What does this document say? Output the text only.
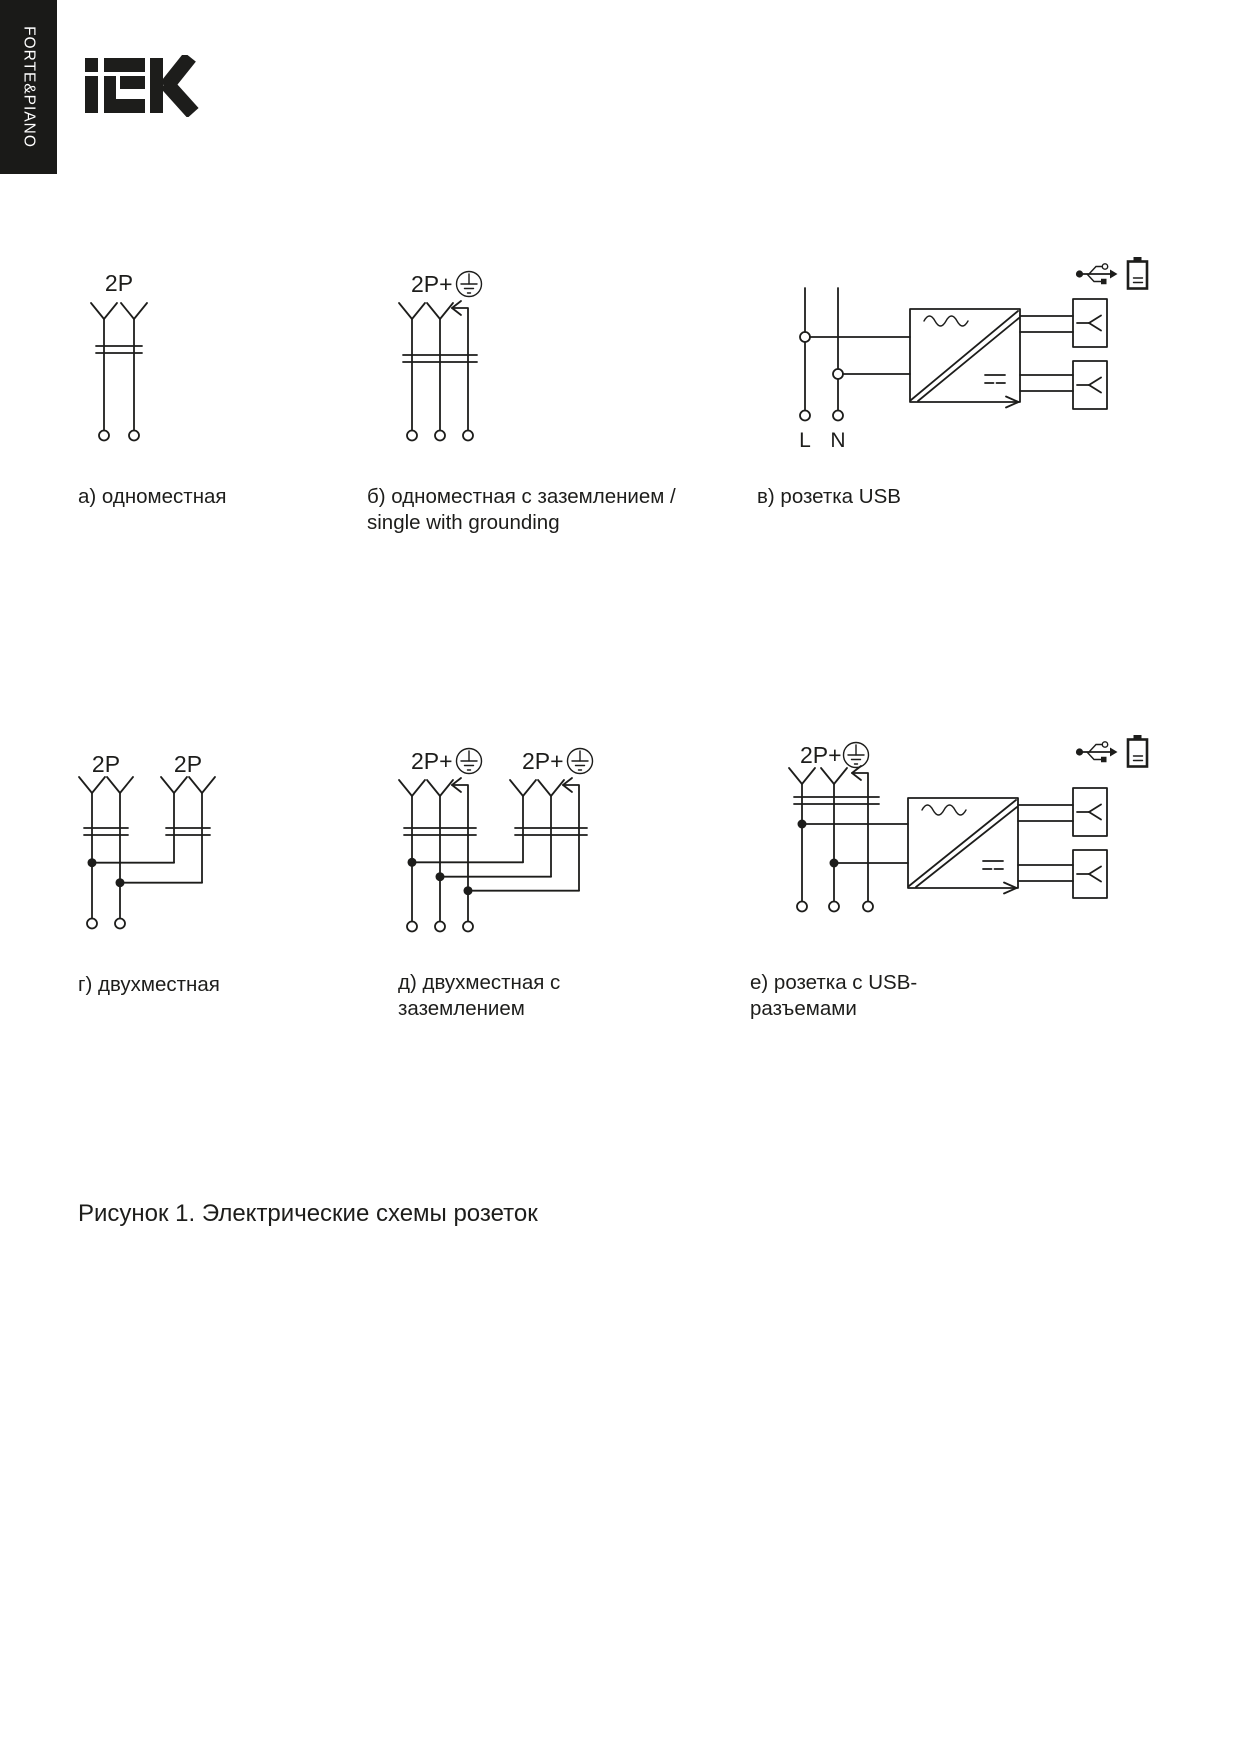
FORTE&PIANO
2P	2P+
L N
а) одноместная	б) одноместная с заземлением /
single with grounding
в) розетка USB
2P 2P	2P+	2P+	2P+
г) двухместная	д) двухместная с
заземлением
е) розетка с USB-
разъемами
Рисунок 1. Электрические схемы розеток
